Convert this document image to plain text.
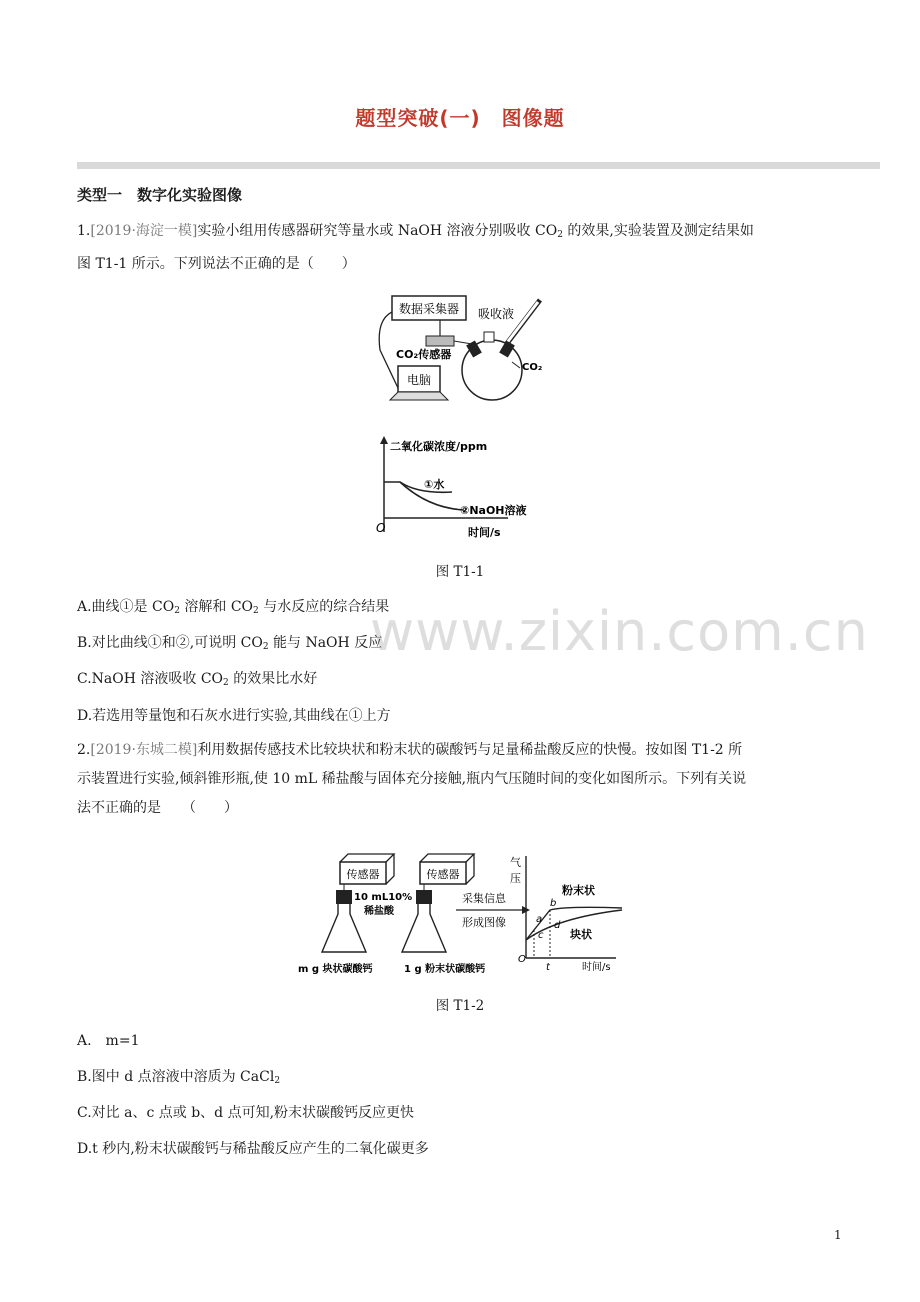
题型突破(一)　图像题
类型一　数字化实验图像
1.[2019·海淀一模]实验小组用传感器研究等量水或 NaOH 溶液分别吸收 $CO_2$ 的效果,实验装置及测定结果如
图 T1-1 所示。下列说法不正确的是（　　）
数据采集器 吸收液
CO₂传感器
CO₂
电脑
二氧化碳浓度/ppm
O	时间/s
①水
②NaOH溶液
图 T1-1
A.曲线①是 $CO_2$ 溶解和 $CO_2$ 与水反应的综合结果
B.对比曲线①和②,可说明 $CO_2$ 能与 NaOH 反应
C.NaOH 溶液吸收 $CO_2$ 的效果比水好
D.若选用等量饱和石灰水进行实验,其曲线在①上方
2.[2019·东城二模]利用数据传感技术比较块状和粉末状的碳酸钙与足量稀盐酸反应的快慢。按如图 T1-2 所
示装置进行实验,倾斜锥形瓶,使 10 mL 稀盐酸与固体充分接触,瓶内气压随时间的变化如图所示。下列有关说
法不正确的是　　（　　）
传感器	传感器
10 mL10%
稀盐酸
m g 块状碳酸钙	1 g 粉末状碳酸钙
采集信息
形成图像
气
压
时间/s
O
a
b
c
d
t
粉末状
块状
图 T1-2
A.　m=1
B.图中 d 点溶液中溶质为 CaCl$_2$
C.对比 a、c 点或 b、d 点可知,粉末状碳酸钙反应更快
D.t 秒内,粉末状碳酸钙与稀盐酸反应产生的二氧化碳更多
www.zixin.com.cn
1
